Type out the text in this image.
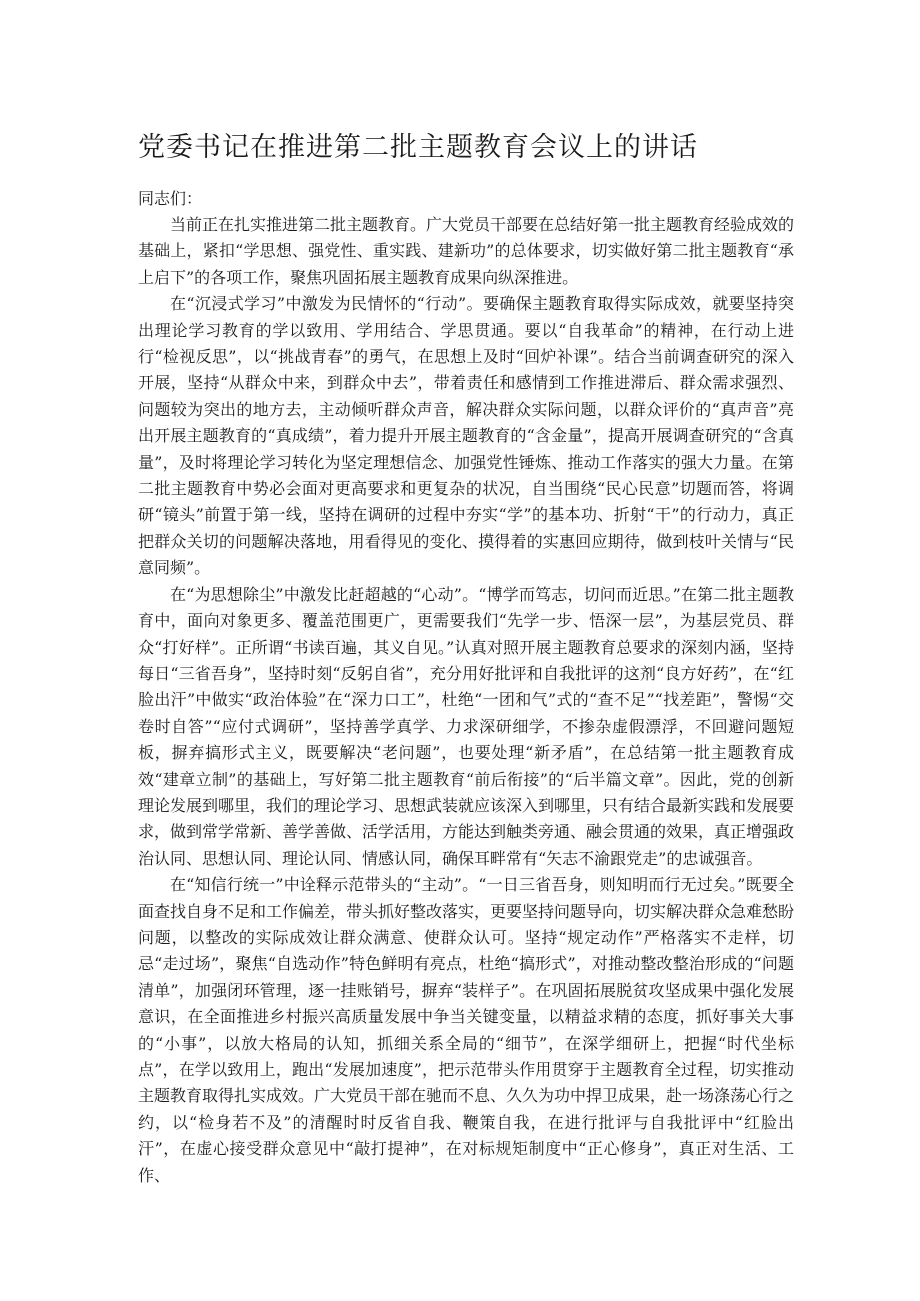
党委书记在推进第二批主题教育会议上的讲话

同志们：

当前正在扎实推进第二批主题教育。广大党员干部要在总结好第一批主题教育经验成效的基础上，紧扣“学思想、强党性、重实践、建新功”的总体要求，切实做好第二批主题教育“承上启下”的各项工作，聚焦巩固拓展主题教育成果向纵深推进。

在“沉浸式学习”中激发为民情怀的“行动”。要确保主题教育取得实际成效，就要坚持突出理论学习教育的学以致用、学用结合、学思贯通。要以“自我革命”的精神，在行动上进行“检视反思”，以“挑战青春”的勇气，在思想上及时“回炉补课”。结合当前调查研究的深入开展，坚持“从群众中来，到群众中去”，带着责任和感情到工作推进滞后、群众需求强烈、问题较为突出的地方去，主动倾听群众声音，解决群众实际问题，以群众评价的“真声音”亮出开展主题教育的“真成绩”，着力提升开展主题教育的“含金量”，提高开展调查研究的“含真量”，及时将理论学习转化为坚定理想信念、加强党性锤炼、推动工作落实的强大力量。在第二批主题教育中势必会面对更高要求和更复杂的状况，自当围绕“民心民意”切题而答，将调研“镜头”前置于第一线，坚持在调研的过程中夯实“学”的基本功、折射“干”的行动力，真正把群众关切的问题解决落地，用看得见的变化、摸得着的实惠回应期待，做到枝叶关情与“民意同频”。

在“为思想除尘”中激发比赶超越的“心动”。“博学而笃志，切问而近思。”在第二批主题教育中，面向对象更多、覆盖范围更广，更需要我们“先学一步、悟深一层”，为基层党员、群众“打好样”。正所谓“书读百遍，其义自见。”认真对照开展主题教育总要求的深刻内涵，坚持每日“三省吾身”，坚持时刻“反躬自省”，充分用好批评和自我批评的这剂“良方好药”，在“红脸出汗”中做实“政治体验”在“深力口工”，杜绝“一团和气”式的“查不足”“找差距”，警惕“交卷时自答”“应付式调研”，坚持善学真学、力求深研细学，不掺杂虚假漂浮，不回避问题短板，摒弃搞形式主义，既要解决“老问题”，也要处理“新矛盾”，在总结第一批主题教育成效“建章立制”的基础上，写好第二批主题教育“前后衔接”的“后半篇文章”。因此，党的创新理论发展到哪里，我们的理论学习、思想武装就应该深入到哪里，只有结合最新实践和发展要求，做到常学常新、善学善做、活学活用，方能达到触类旁通、融会贯通的效果，真正增强政治认同、思想认同、理论认同、情感认同，确保耳畔常有“矢志不渝跟党走”的忠诚强音。

在“知信行统一”中诠释示范带头的“主动”。“一日三省吾身，则知明而行无过矣。”既要全面查找自身不足和工作偏差，带头抓好整改落实，更要坚持问题导向，切实解决群众急难愁盼问题，以整改的实际成效让群众满意、使群众认可。坚持“规定动作”严格落实不走样，切忌“走过场”，聚焦“自选动作”特色鲜明有亮点，杜绝“搞形式”，对推动整改整治形成的“问题清单”，加强闭环管理，逐一挂账销号，摒弃“装样子”。在巩固拓展脱贫攻坚成果中强化发展意识，在全面推进乡村振兴高质量发展中争当关键变量，以精益求精的态度，抓好事关大事的“小事”，以放大格局的认知，抓细关系全局的“细节”，在深学细研上，把握“时代坐标点”，在学以致用上，跑出“发展加速度”，把示范带头作用贯穿于主题教育全过程，切实推动主题教育取得扎实成效。广大党员干部在驰而不息、久久为功中捍卫成果，赴一场涤荡心行之约，以“检身若不及”的清醒时时反省自我、鞭策自我，在进行批评与自我批评中“红脸出汗”，在虚心接受群众意见中“敲打提神”，在对标规矩制度中“正心修身”，真正对生活、工作、
